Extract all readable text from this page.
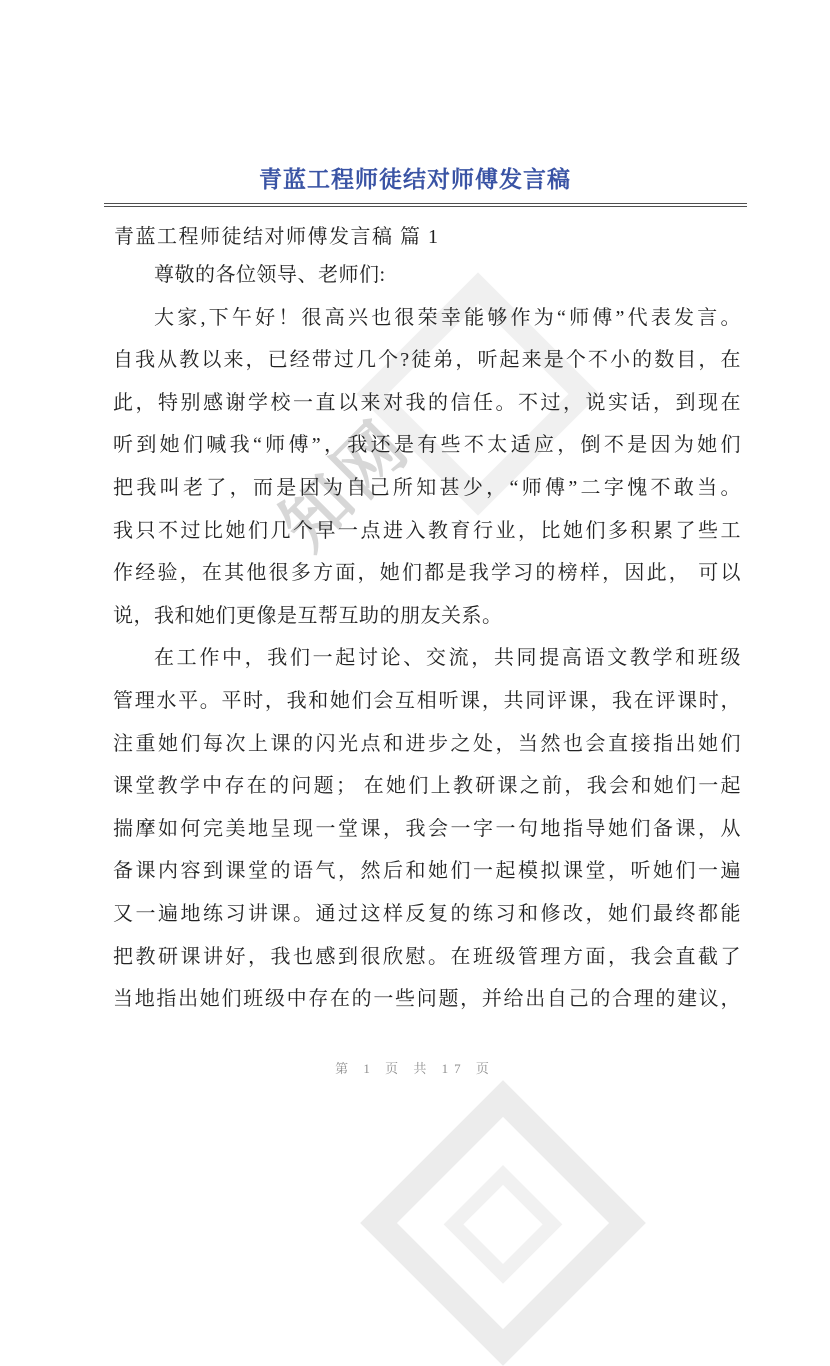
知网
青蓝工程师徒结对师傅发言稿
青蓝工程师徒结对师傅发言稿 篇 1
尊敬的各位领导、老师们:
大家,下午好！很高兴也很荣幸能够作为“师傅”代表发言。
自我从教以来，已经带过几个?徒弟，听起来是个不小的数目，在
此，特别感谢学校一直以来对我的信任。不过，说实话，到现在
听到她们喊我“师傅”，我还是有些不太适应，倒不是因为她们
把我叫老了，而是因为自己所知甚少，“师傅”二字愧不敢当。
我只不过比她们几个早一点进入教育行业，比她们多积累了些工
作经验，在其他很多方面，她们都是我学习的榜样，因此， 可以
说，我和她们更像是互帮互助的朋友关系。
在工作中，我们一起讨论、交流，共同提高语文教学和班级
管理水平。平时，我和她们会互相听课，共同评课，我在评课时，
注重她们每次上课的闪光点和进步之处，当然也会直接指出她们
课堂教学中存在的问题； 在她们上教研课之前，我会和她们一起
揣摩如何完美地呈现一堂课，我会一字一句地指导她们备课，从
备课内容到课堂的语气，然后和她们一起模拟课堂，听她们一遍
又一遍地练习讲课。通过这样反复的练习和修改，她们最终都能
把教研课讲好，我也感到很欣慰。在班级管理方面，我会直截了
当地指出她们班级中存在的一些问题，并给出自己的合理的建议，
第 1 页 共 17 页
